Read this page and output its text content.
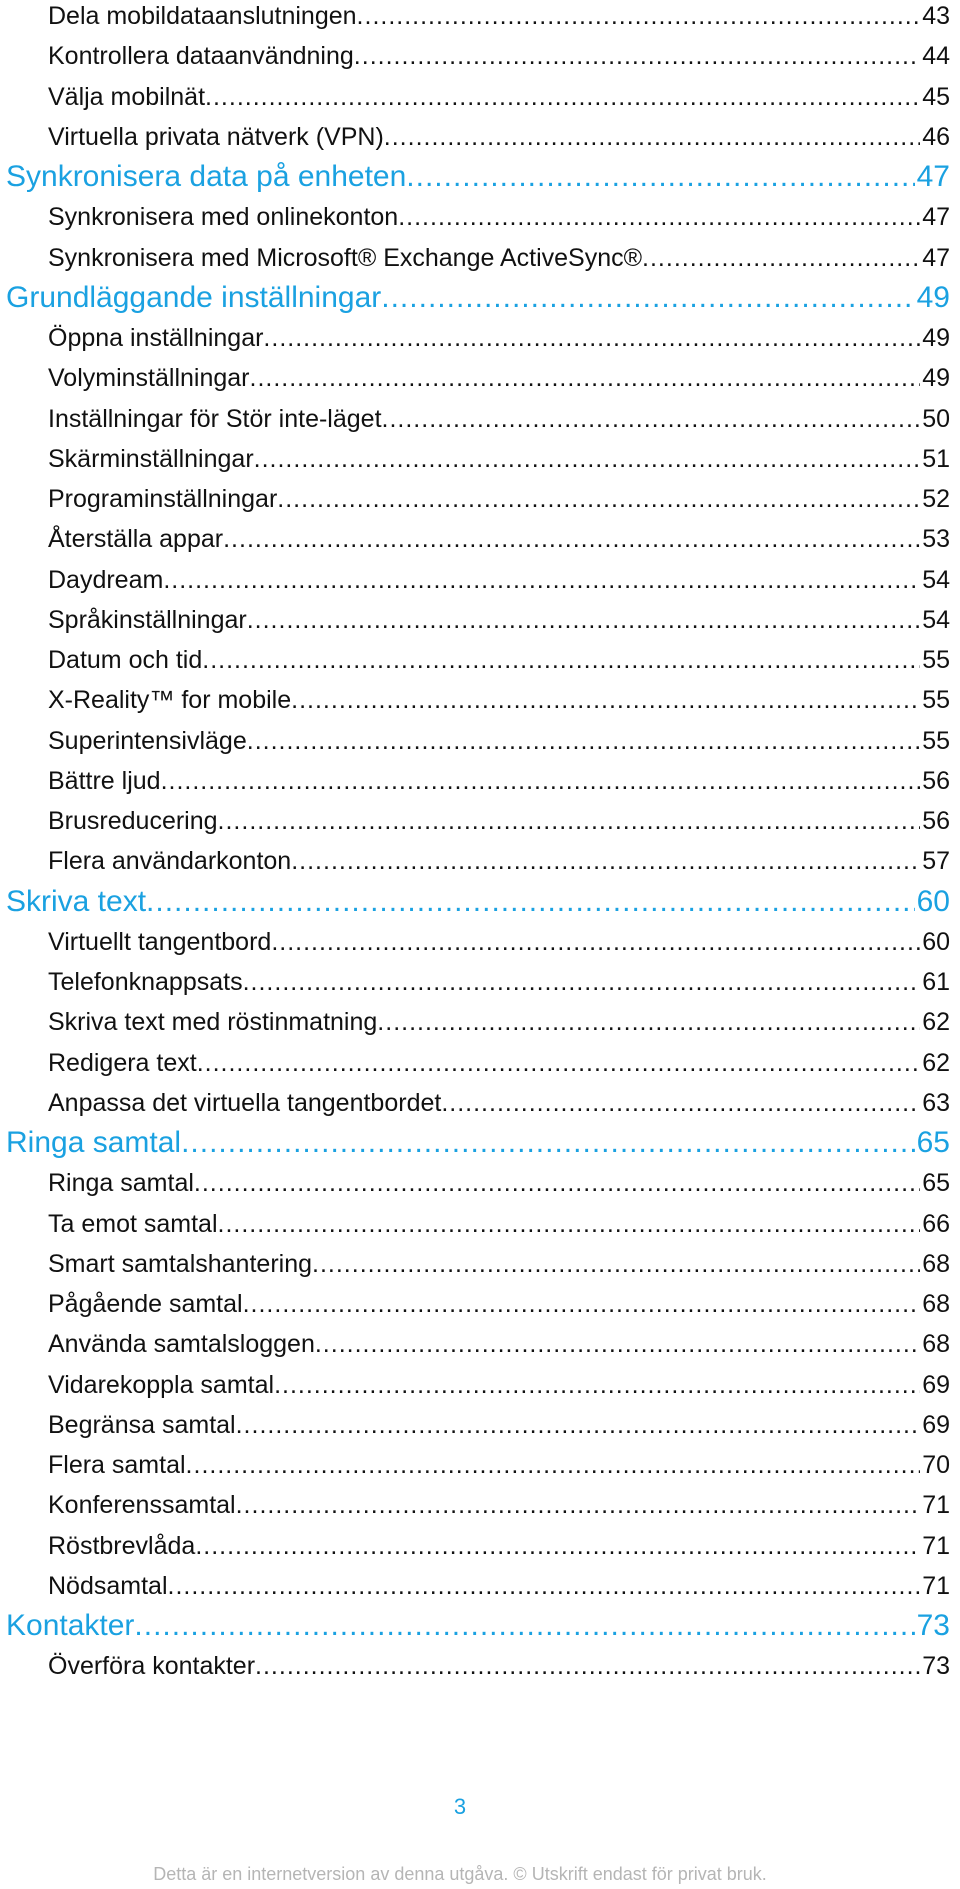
Dela mobildataanslutningen .....	43
Kontrollera dataanvändning .....	44
Välja mobilnät .....	45
Virtuella privata nätverk (VPN) .....	46
Synkronisera data på enheten .....	47
Synkronisera med onlinekonton .....	47
Synkronisera med Microsoft® Exchange ActiveSync® .....	47
Grundläggande inställningar .....	49
Öppna inställningar .....	49
Volyminställningar .....	49
Inställningar för Stör inte-läget .....	50
Skärminställningar .....	51
Programinställningar .....	52
Återställa appar .....	53
Daydream .....	54
Språkinställningar .....	54
Datum och tid .....	55
X-Reality™ for mobile .....	55
Superintensivläge .....	55
Bättre ljud .....	56
Brusreducering .....	56
Flera användarkonton .....	57
Skriva text .....	60
Virtuellt tangentbord .....	60
Telefonknappsats .....	61
Skriva text med röstinmatning .....	62
Redigera text .....	62
Anpassa det virtuella tangentbordet .....	63
Ringa samtal .....	65
Ringa samtal .....	65
Ta emot samtal .....	66
Smart samtalshantering .....	68
Pågående samtal .....	68
Använda samtalsloggen .....	68
Vidarekoppla samtal .....	69
Begränsa samtal .....	69
Flera samtal .....	70
Konferenssamtal .....	71
Röstbrevlåda .....	71
Nödsamtal .....	71
Kontakter .....	73
Överföra kontakter .....	73
3
Detta är en internetversion av denna utgåva. © Utskrift endast för privat bruk.
